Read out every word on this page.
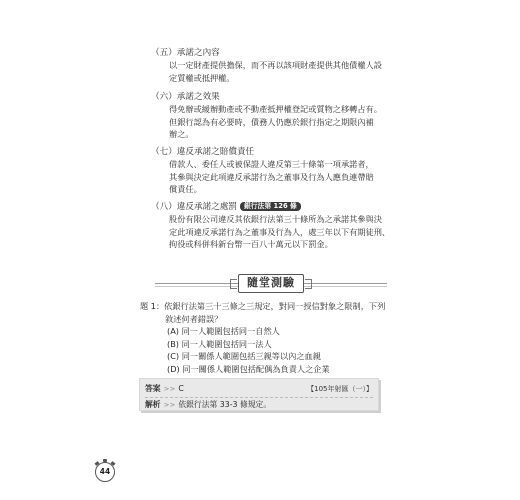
（五）承諾之內容
以一定財產提供擔保，而不再以該項財產提供其他債權人設
定質權或抵押權。
（六）承諾之效果
得免辦或緩辦動產或不動產抵押權登記或質物之移轉占有。
但銀行認為有必要時，債務人仍應於銀行指定之期限內補
辦之。
（七）違反承諾之賠償責任
借款人、委任人或被保證人違反第三十條第一項承諾者，
其參與決定此項違反承諾行為之董事及行為人應負連帶賠
償責任。
（八）違反承諾之處罰 銀行法第 126 條
股份有限公司違反其依銀行法第三十條所為之承諾其參與決
定此項違反承諾行為之董事及行為人，處三年以下有期徒刑、
拘役或科併科新台幣一百八十萬元以下罰金。
隨堂測驗
題 1：依銀行法第三十三條之三規定，對同一授信對象之限制，下列
敘述何者錯誤？
(A) 同一人範圍包括同一自然人
(B) 同一人範圍包括同一法人
(C) 同一關係人範圍包括三親等以內之血親
(D) 同一關係人範圍包括配偶為負責人之企業
答案 >> C	【105年射匯（一）】
解析 >> 依銀行法第 33-3 條規定。
44
